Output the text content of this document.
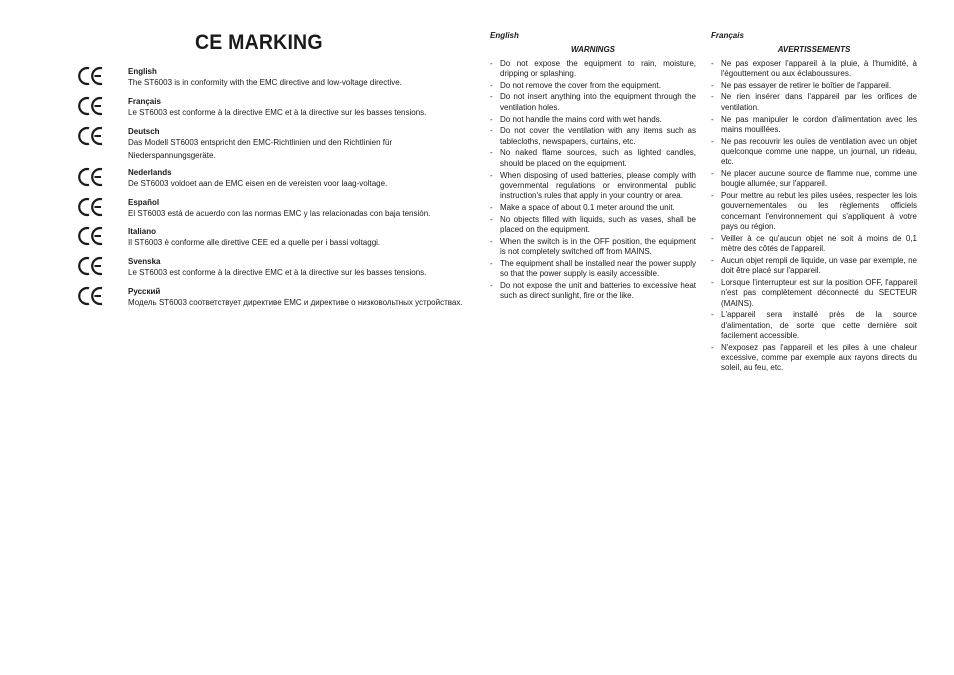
CE MARKING
English
The ST6003 is in conformity with the EMC directive and low-voltage directive.
Français
Le ST6003 est conforme à la directive EMC et à la directive sur les basses tensions.
Deutsch
Das Modell ST6003 entspricht den EMC-Richtlinien und den Richtlinien für Niederspannungsgeräte.
Nederlands
De ST6003 voldoet aan de EMC eisen en de vereisten voor laag-voltage.
Español
El ST6003 está de acuerdo con las normas EMC y las relacionadas con baja tensión.
Italiano
Il ST6003 è conforme alle direttive CEE ed a quelle per i bassi voltaggi.
Svenska
Le ST6003 est conforme à la directive EMC et à la directive sur les basses tensions.
Русский
Модель ST6003 соответствует директиве EMC и директиве о низковольтных устройствах.
English
WARNINGS
- Do not expose the equipment to rain, moisture, dripping or splashing.
- Do not remove the cover from the equipment.
- Do not insert anything into the equipment through the ventilation holes.
- Do not handle the mains cord with wet hands.
- Do not cover the ventilation with any items such as tablecloths, newspapers, curtains, etc.
- No naked flame sources, such as lighted candles, should be placed on the equipment.
- When disposing of used batteries, please comply with governmental regulations or environmental public instruction's rules that apply in your country or area.
- Make a space of about 0.1 meter around the unit.
- No objects filled with liquids, such as vases, shall be placed on the equipment.
- When the switch is in the OFF position, the equipment is not completely switched off from MAINS.
- The equipment shall be installed near the power supply so that the power supply is easily accessible.
- Do not expose the unit and batteries to excessive heat such as direct sunlight, fire or the like.
Français
AVERTISSEMENTS
- Ne pas exposer l'appareil à la pluie, à l'humidité, à l'égouttement ou aux éclaboussures.
- Ne pas essayer de retirer le boîtier de l'appareil.
- Ne rien insérer dans l'appareil par les orifices de ventilation.
- Ne pas manipuler le cordon d'alimentation avec les mains mouillées.
- Ne pas recouvrir les ouïes de ventilation avec un objet quelconque comme une nappe, un journal, un rideau, etc.
- Ne placer aucune source de flamme nue, comme une bougie allumée, sur l'appareil.
- Pour mettre au rebut les piles usées, respecter les lois gouvernementales ou les règlements officiels concernant l'environnement qui s'appliquent à votre pays ou région.
- Veiller à ce qu'aucun objet ne soit à moins de 0,1 mètre des côtés de l'appareil.
- Aucun objet rempli de liquide, un vase par exemple, ne doit être placé sur l'appareil.
- Lorsque l'interrupteur est sur la position OFF, l'appareil n'est pas complètement déconnecté du SECTEUR (MAINS).
- L'appareil sera installé près de la source d'alimentation, de sorte que cette dernière soit facilement accessible.
- N'exposez pas l'appareil et les piles à une chaleur excessive, comme par exemple aux rayons directs du soleil, au feu, etc.
